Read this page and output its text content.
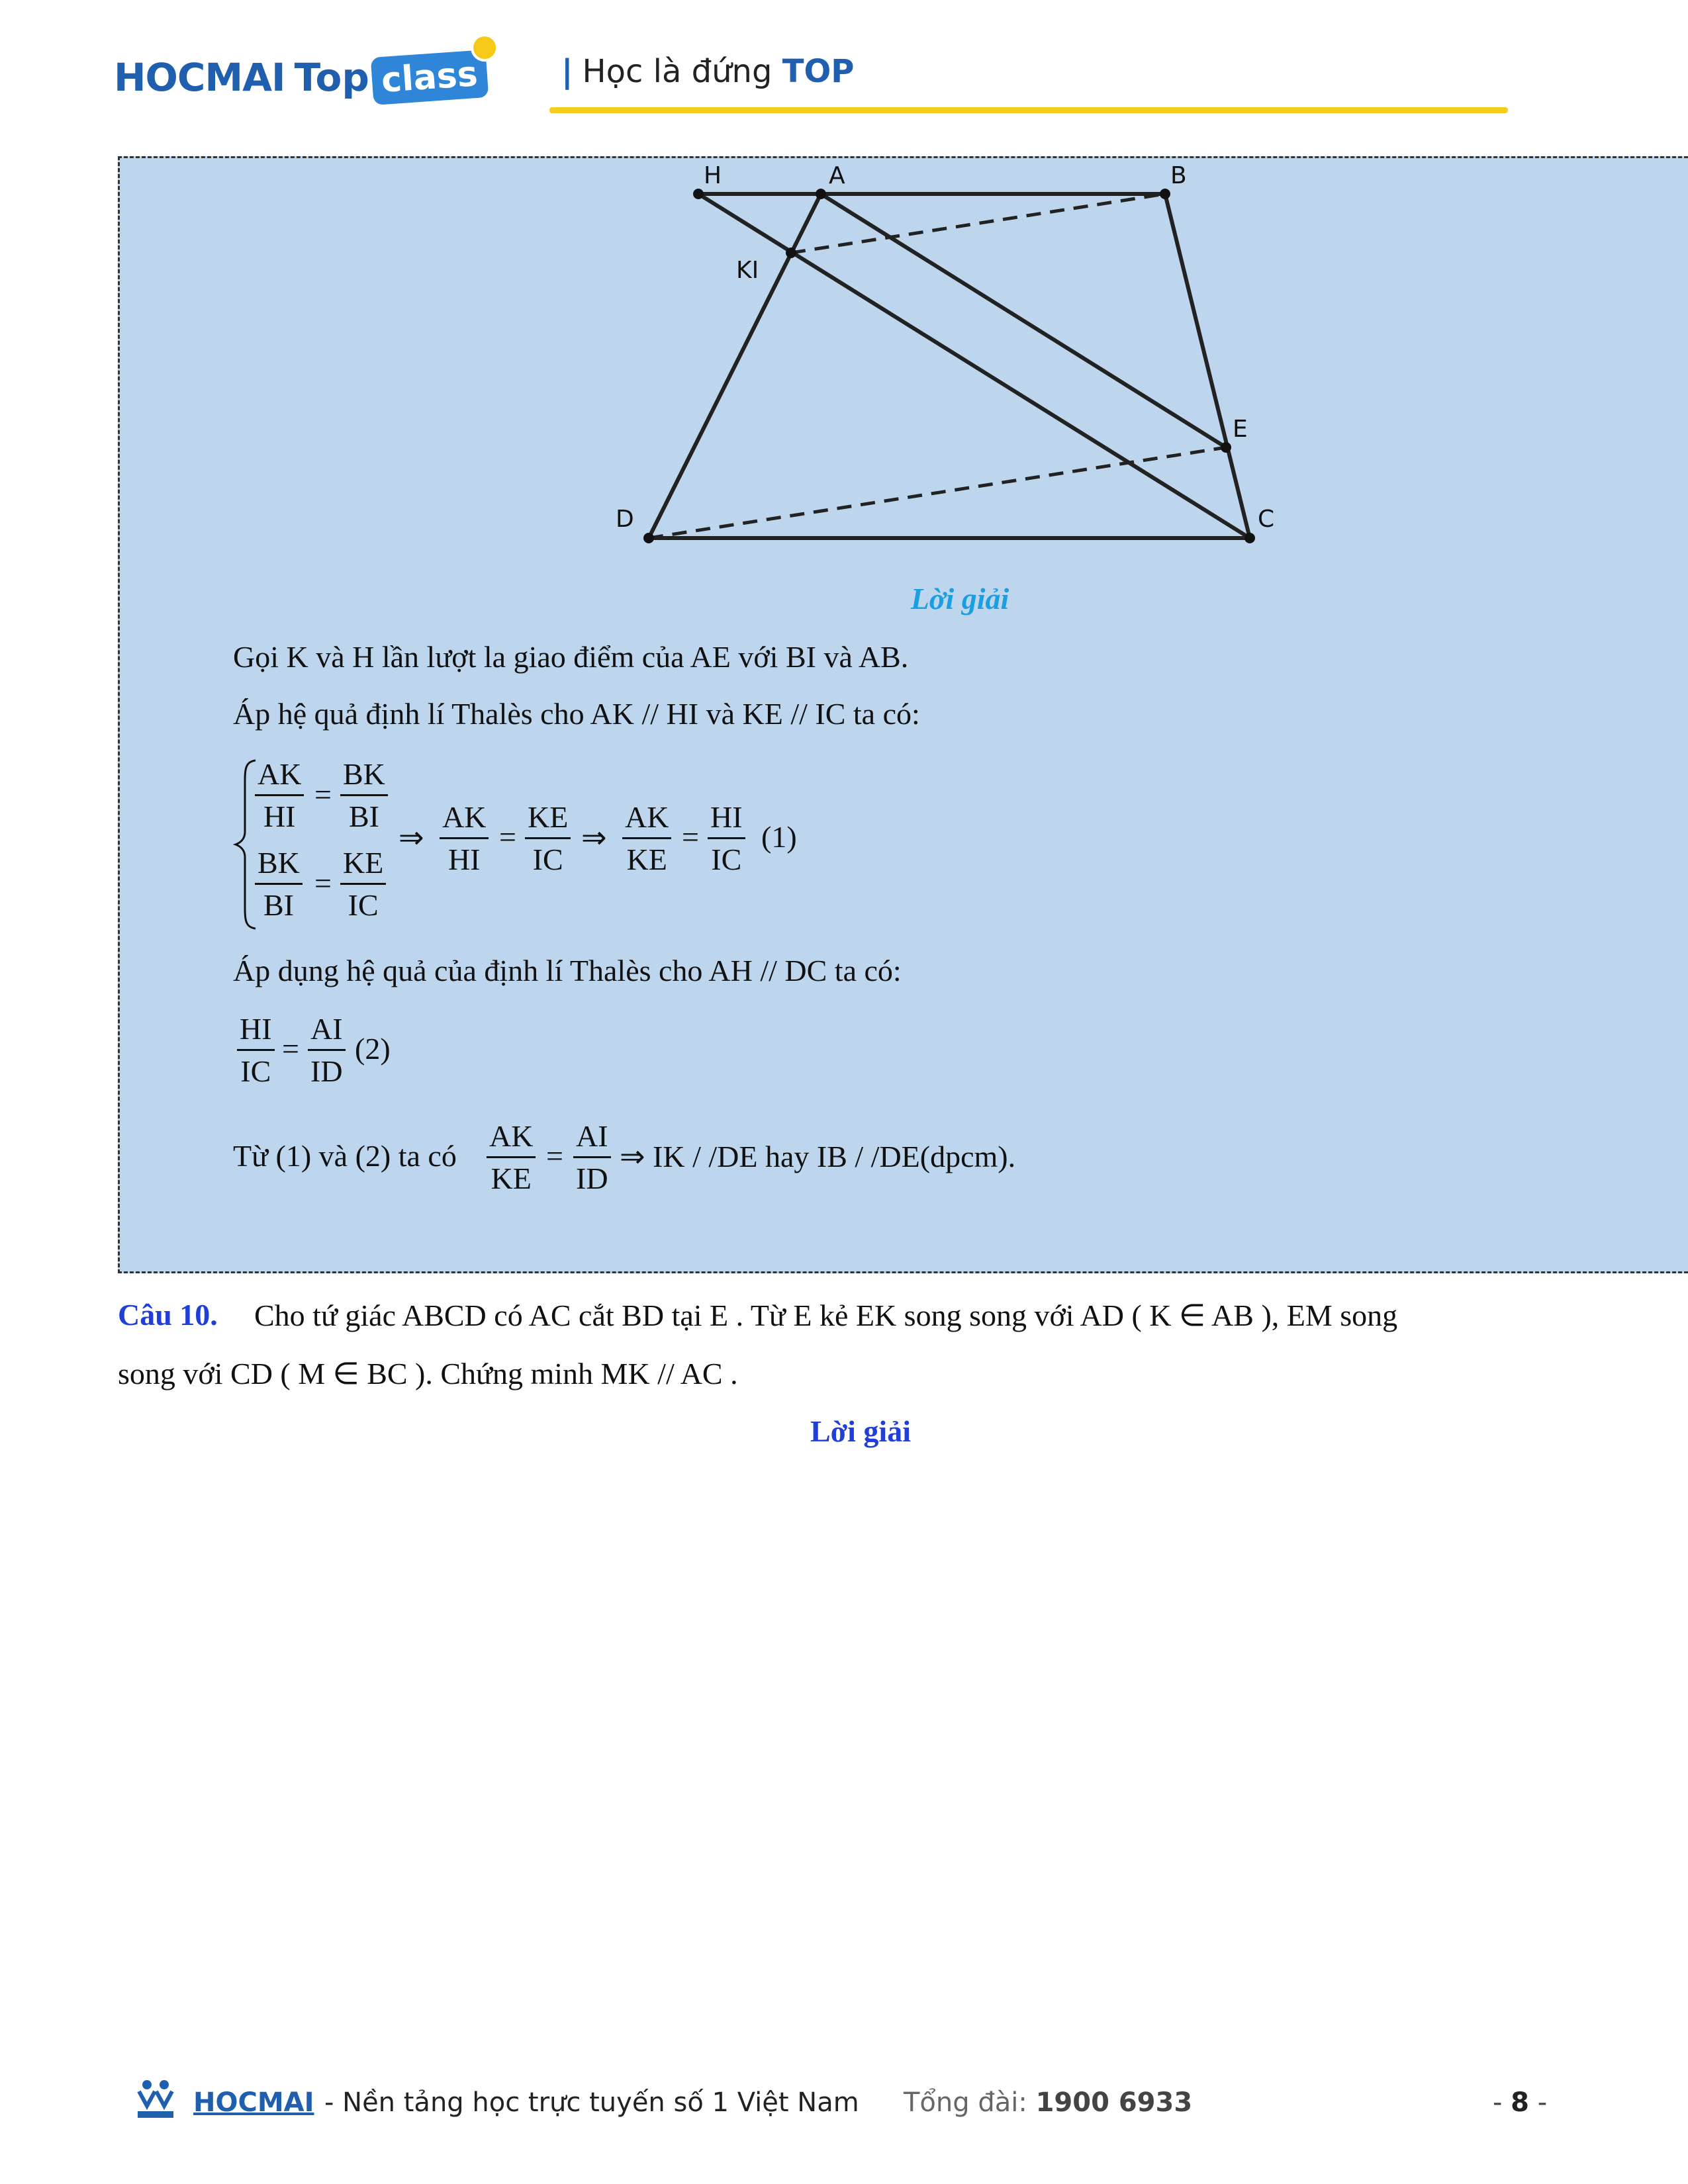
HOCMAI Top class	| Học là đứng TOP
H	A	B
KI
E
D	C
Lời giải
Gọi K và H lần lượt la giao điểm của AE với BI và AB.
Áp hệ quả định lí Thalès cho AK // HI và KE // IC ta có:
AK
HI
=
BK
BI
BK
BI
=
KE
IC
⇒
AK
HI
=
KE
IC
⇒
AK
KE
=
HI
IC
(1)
Áp dụng hệ quả của định lí Thalès cho AH // DC ta có:
HI
IC
=
AI
ID
(2)
Từ (1) và (2) ta có
AK
KE
=
AI
ID
⇒ IK / /DE hay IB / /DE(dpcm).
Câu 10. Cho tứ giác ABCD có AC cắt BD tại E . Từ E kẻ EK song song với AD ( K ∈ AB ), EM song
song với CD ( M ∈ BC ). Chứng minh MK // AC .
Lời giải
HOCMAI - Nền tảng học trực tuyến số 1 Việt Nam Tổng đài: 1900 6933	- 8 -
